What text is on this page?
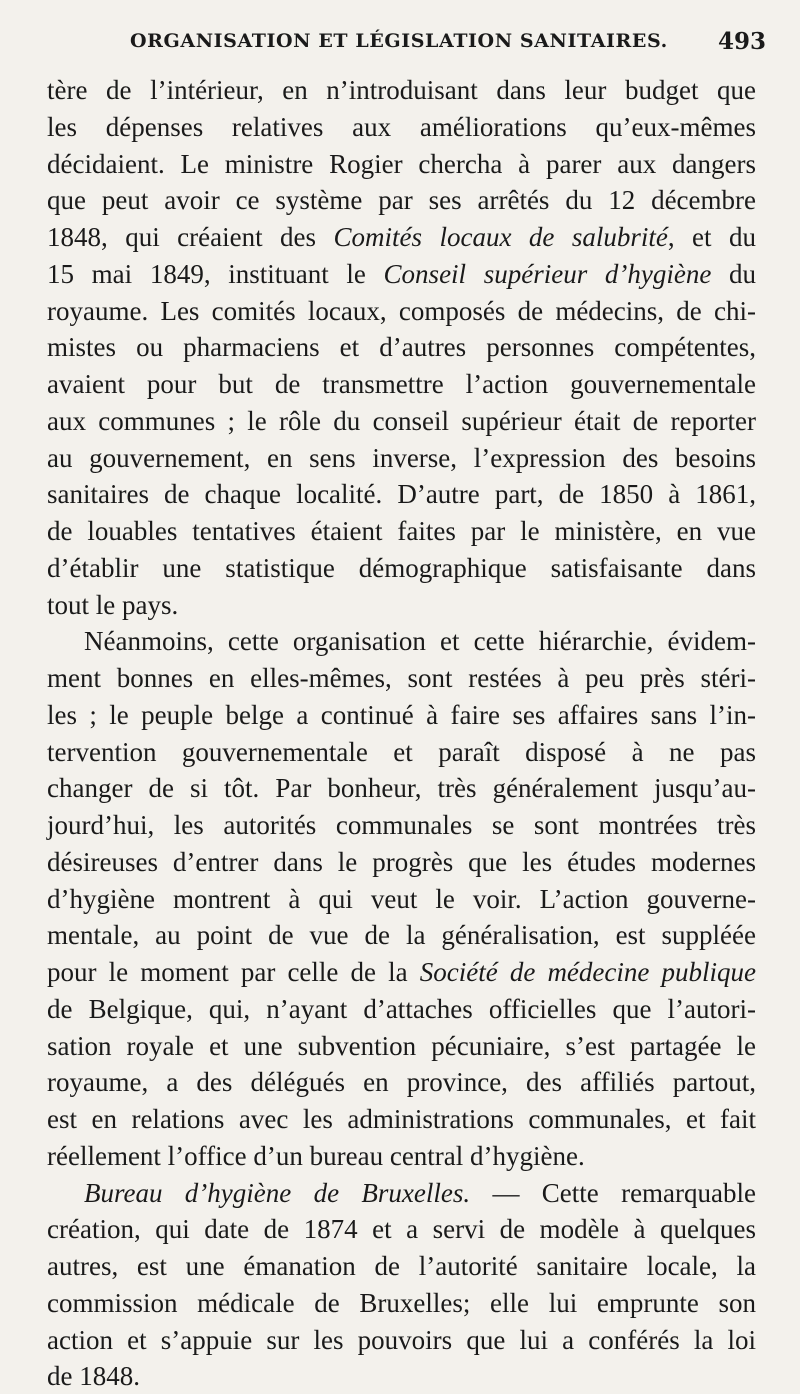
ORGANISATION ET LÉGISLATION SANITAIRES. 493
tère de l’intérieur, en n’introduisant dans leur budget que
les dépenses relatives aux améliorations qu’eux-mêmes
décidaient. Le ministre Rogier chercha à parer aux dangers
que peut avoir ce système par ses arrêtés du 12 décembre
1848, qui créaient des Comités locaux de salubrité, et du
15 mai 1849, instituant le Conseil supérieur d’hygiène du
royaume. Les comités locaux, composés de médecins, de chi-
mistes ou pharmaciens et d’autres personnes compétentes,
avaient pour but de transmettre l’action gouvernementale
aux communes ; le rôle du conseil supérieur était de reporter
au gouvernement, en sens inverse, l’expression des besoins
sanitaires de chaque localité. D’autre part, de 1850 à 1861,
de louables tentatives étaient faites par le ministère, en vue
d’établir une statistique démographique satisfaisante dans
tout le pays.
Néanmoins, cette organisation et cette hiérarchie, évidem-
ment bonnes en elles-mêmes, sont restées à peu près stéri-
les ; le peuple belge a continué à faire ses affaires sans l’in-
tervention gouvernementale et paraît disposé à ne pas
changer de si tôt. Par bonheur, très généralement jusqu’au-
jourd’hui, les autorités communales se sont montrées très
désireuses d’entrer dans le progrès que les études modernes
d’hygiène montrent à qui veut le voir. L’action gouverne-
mentale, au point de vue de la généralisation, est suppléée
pour le moment par celle de la Société de médecine publique
de Belgique, qui, n’ayant d’attaches officielles que l’autori-
sation royale et une subvention pécuniaire, s’est partagée le
royaume, a des délégués en province, des affiliés partout,
est en relations avec les administrations communales, et fait
réellement l’office d’un bureau central d’hygiène.
Bureau d’hygiène de Bruxelles. — Cette remarquable
création, qui date de 1874 et a servi de modèle à quelques
autres, est une émanation de l’autorité sanitaire locale, la
commission médicale de Bruxelles; elle lui emprunte son
action et s’appuie sur les pouvoirs que lui a conférés la loi
de 1848.
